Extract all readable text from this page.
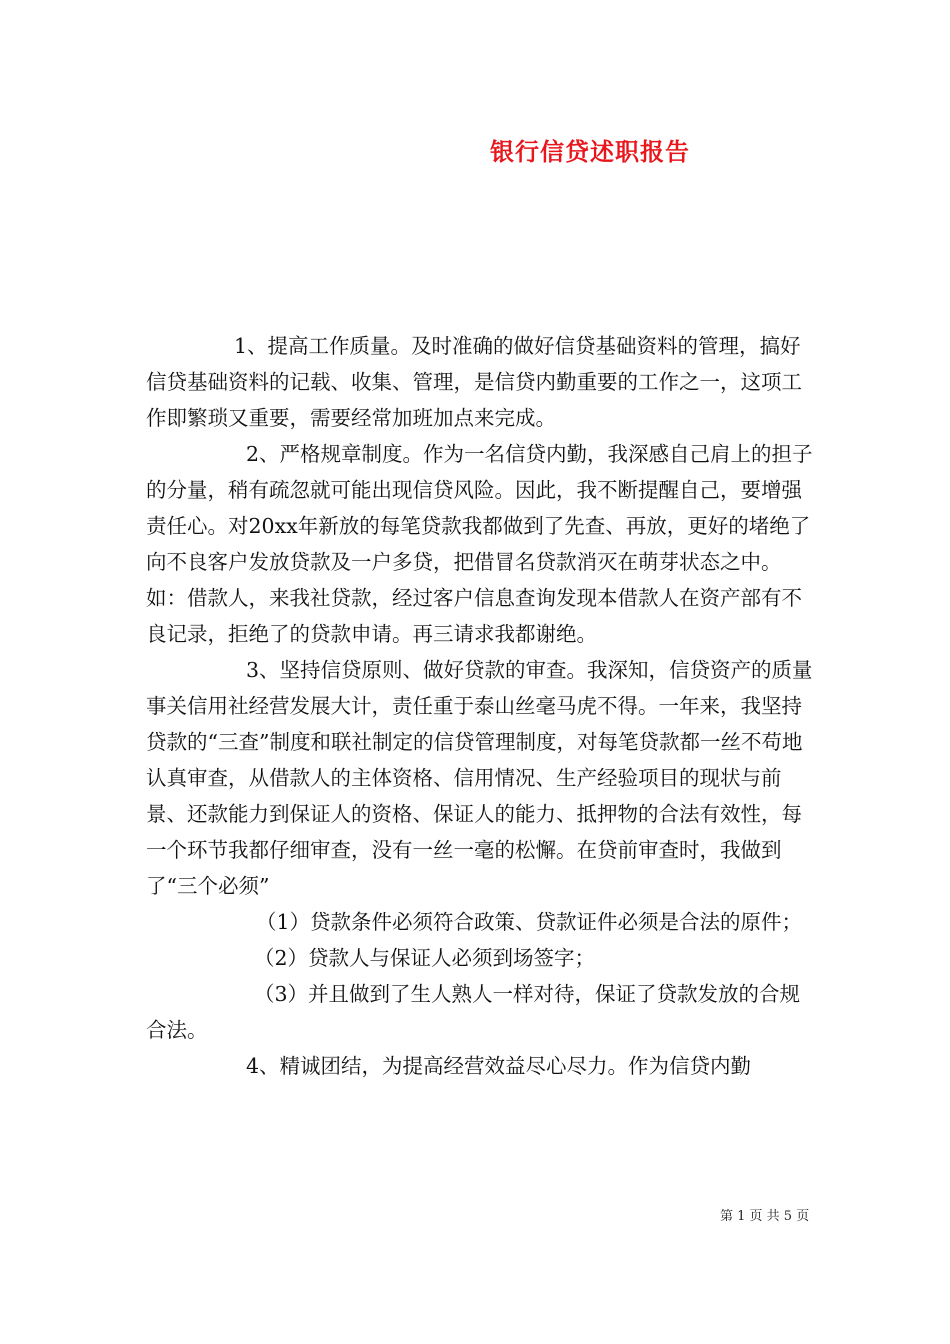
银行信贷述职报告

1、提高工作质量。及时准确的做好信贷基础资料的管理，搞好信贷基础资料的记载、收集、管理，是信贷内勤重要的工作之一，这项工作即繁琐又重要，需要经常加班加点来完成。

2、严格规章制度。作为一名信贷内勤，我深感自己肩上的担子的分量，稍有疏忽就可能出现信贷风险。因此，我不断提醒自己，要增强责任心。对20xx年新放的每笔贷款我都做到了先查、再放，更好的堵绝了向不良客户发放贷款及一户多贷，把借冒名贷款消灭在萌芽状态之中。如：借款人，来我社贷款，经过客户信息查询发现本借款人在资产部有不良记录，拒绝了的贷款申请。再三请求我都谢绝。

3、坚持信贷原则、做好贷款的审查。我深知，信贷资产的质量事关信用社经营发展大计，责任重于泰山丝毫马虎不得。一年来，我坚持贷款的“三查”制度和联社制定的信贷管理制度，对每笔贷款都一丝不苟地认真审查，从借款人的主体资格、信用情况、生产经验项目的现状与前景、还款能力到保证人的资格、保证人的能力、抵押物的合法有效性，每一个环节我都仔细审查，没有一丝一毫的松懈。在贷前审查时，我做到了“三个必须”

（1）贷款条件必须符合政策、贷款证件必须是合法的原件；

（2）贷款人与保证人必须到场签字；

（3）并且做到了生人熟人一样对待，保证了贷款发放的合规合法。

4、精诚团结，为提高经营效益尽心尽力。作为信贷内勤

第 1 页 共 5 页
